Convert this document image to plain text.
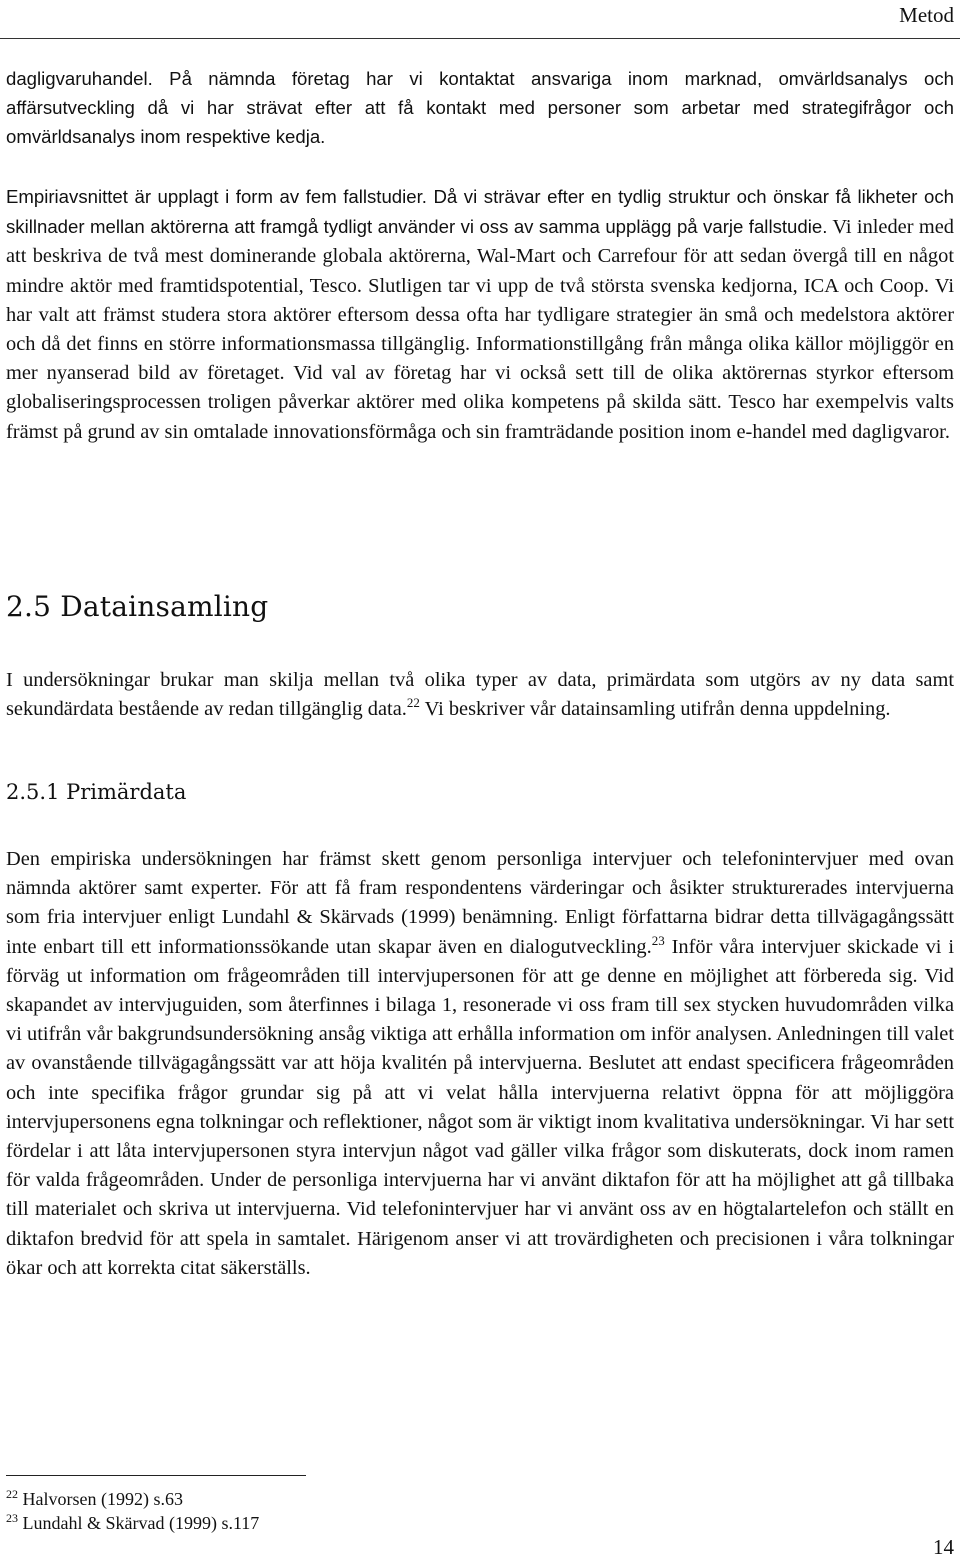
Metod

dagligvaruhandel. På nämnda företag har vi kontaktat ansvariga inom marknad, omvärldsanalys och affärsutveckling då vi har strävat efter att få kontakt med personer som arbetar med strategifrågor och omvärldsanalys inom respektive kedja.

Empiriavsnittet är upplagt i form av fem fallstudier. Då vi strävar efter en tydlig struktur och önskar få likheter och skillnader mellan aktörerna att framgå tydligt använder vi oss av samma upplägg på varje fallstudie. Vi inleder med att beskriva de två mest dominerande globala aktörerna, Wal-Mart och Carrefour för att sedan övergå till en något mindre aktör med framtidspotential, Tesco. Slutligen tar vi upp de två största svenska kedjorna, ICA och Coop. Vi har valt att främst studera stora aktörer eftersom dessa ofta har tydligare strategier än små och medelstora aktörer och då det finns en större informationsmassa tillgänglig. Informationstillgång från många olika källor möjliggör en mer nyanserad bild av företaget. Vid val av företag har vi också sett till de olika aktörernas styrkor eftersom globaliseringsprocessen troligen påverkar aktörer med olika kompetens på skilda sätt. Tesco har exempelvis valts främst på grund av sin omtalade innovationsförmåga och sin framträdande position inom e-handel med dagligvaror.

2.5 Datainsamling

I undersökningar brukar man skilja mellan två olika typer av data, primärdata som utgörs av ny data samt sekundärdata bestående av redan tillgänglig data.$^{22}$ Vi beskriver vår datainsamling utifrån denna uppdelning.

2.5.1 Primärdata

Den empiriska undersökningen har främst skett genom personliga intervjuer och telefonintervjuer med ovan nämnda aktörer samt experter. För att få fram respondentens värderingar och åsikter strukturerades intervjuerna som fria intervjuer enligt Lundahl & Skärvads (1999) benämning. Enligt författarna bidrar detta tillvägagångssätt inte enbart till ett informationssökande utan skapar även en dialogutveckling.$^{23}$ Inför våra intervjuer skickade vi i förväg ut information om frågeområden till intervjupersonen för att ge denne en möjlighet att förbereda sig. Vid skapandet av intervjuguiden, som återfinnes i bilaga 1, resonerade vi oss fram till sex stycken huvudområden vilka vi utifrån vår bakgrundsundersökning ansåg viktiga att erhålla information om inför analysen. Anledningen till valet av ovanstående tillvägagångssätt var att höja kvalitén på intervjuerna. Beslutet att endast specificera frågeområden och inte specifika frågor grundar sig på att vi velat hålla intervjuerna relativt öppna för att möjliggöra intervjupersonens egna tolkningar och reflektioner, något som är viktigt inom kvalitativa undersökningar. Vi har sett fördelar i att låta intervjupersonen styra intervjun något vad gäller vilka frågor som diskuterats, dock inom ramen för valda frågeområden. Under de personliga intervjuerna har vi använt diktafon för att ha möjlighet att gå tillbaka till materialet och skriva ut intervjuerna. Vid telefonintervjuer har vi använt oss av en högtalartelefon och ställt en diktafon bredvid för att spela in samtalet. Härigenom anser vi att trovärdigheten och precisionen i våra tolkningar ökar och att korrekta citat säkerställs.

$^{22}$ Halvorsen (1992) s.63

$^{23}$ Lundahl & Skärvad (1999) s.117

14
